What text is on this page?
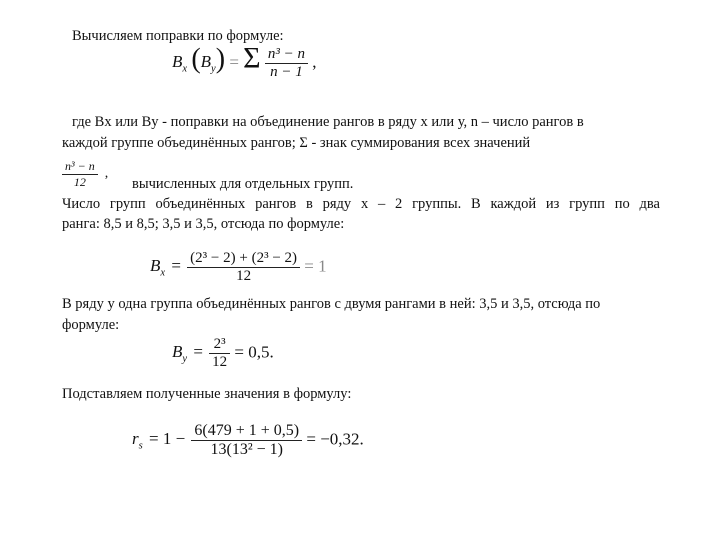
Вычисляем поправки по формуле:
$B_x$ $(B_y) = \Sigma \frac{\text{n³ − n}}{n - 1}$ ,
где Bx или By - поправки на объединение рангов в ряду х или у, n – число рангов в
каждой группе объединённых рангов; Σ - знак суммирования всех значений
$\frac{\text{n³ − n}}{12}$ ,
вычисленных для отдельных групп.
Число групп объединённых рангов в ряду х – 2 группы. В каждой из групп по два
ранга: 8,5 и 8,5; 3,5 и 3,5, отсюда по формуле:
$B_x = \frac{\text{(2³ − 2) + (2³ − 2)}}{12} = 1$
В ряду у одна группа объединённых рангов с двумя рангами в ней: 3,5 и 3,5, отсюда по
формуле:
$B_y = \frac{\text{2³}}{12} = 0,5$.
Подставляем полученные значения в формулу:
$r_s = 1 - \frac{6(479 + 1 + 0,5)}{\text{13(13² − 1)}} = -0,32$.
